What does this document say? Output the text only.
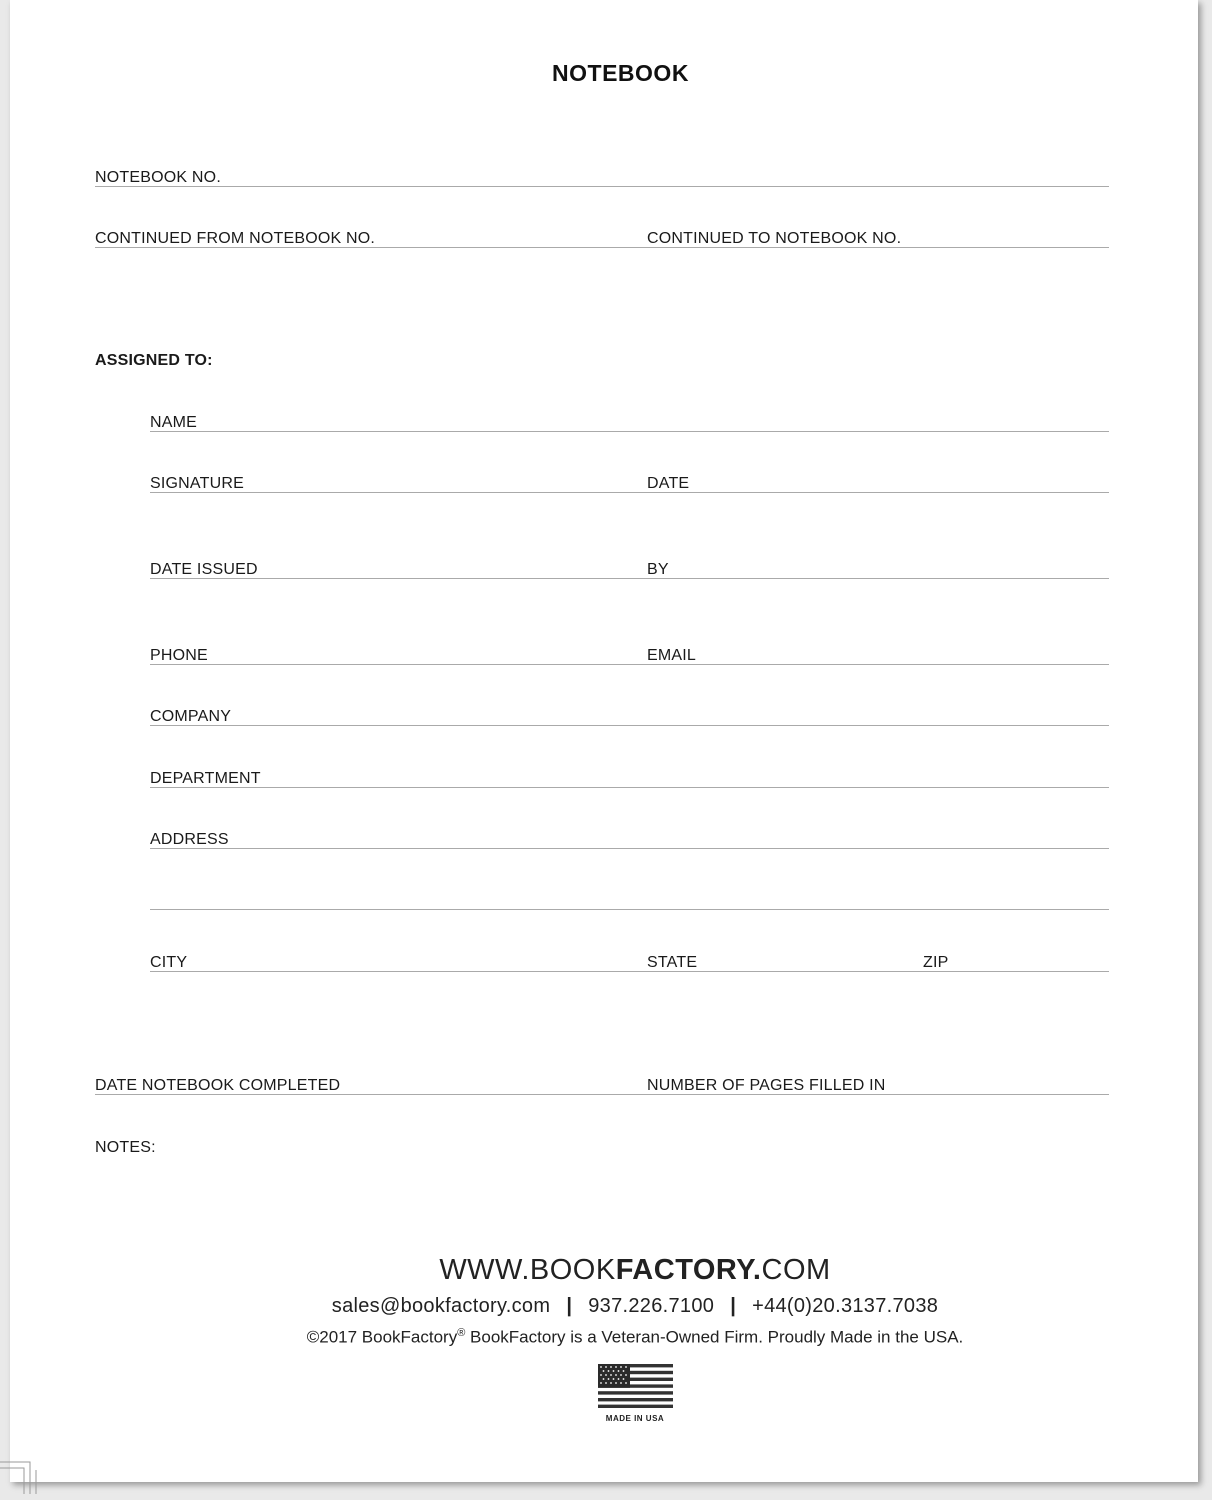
NOTEBOOK
NOTEBOOK NO.
CONTINUED FROM NOTEBOOK NO.	CONTINUED TO NOTEBOOK NO.
ASSIGNED TO:
NAME
SIGNATURE	DATE
DATE ISSUED	BY
PHONE	EMAIL
COMPANY
DEPARTMENT
ADDRESS
CITY	STATE	ZIP
DATE NOTEBOOK COMPLETED	NUMBER OF PAGES FILLED IN
NOTES:
WWW.BOOKFACTORY.COM
sales@bookfactory.com | 937.226.7100 | +44(0)20.3137.7038
©2017 BookFactory® BookFactory is a Veteran-Owned Firm. Proudly Made in the USA.
MADE IN USA
